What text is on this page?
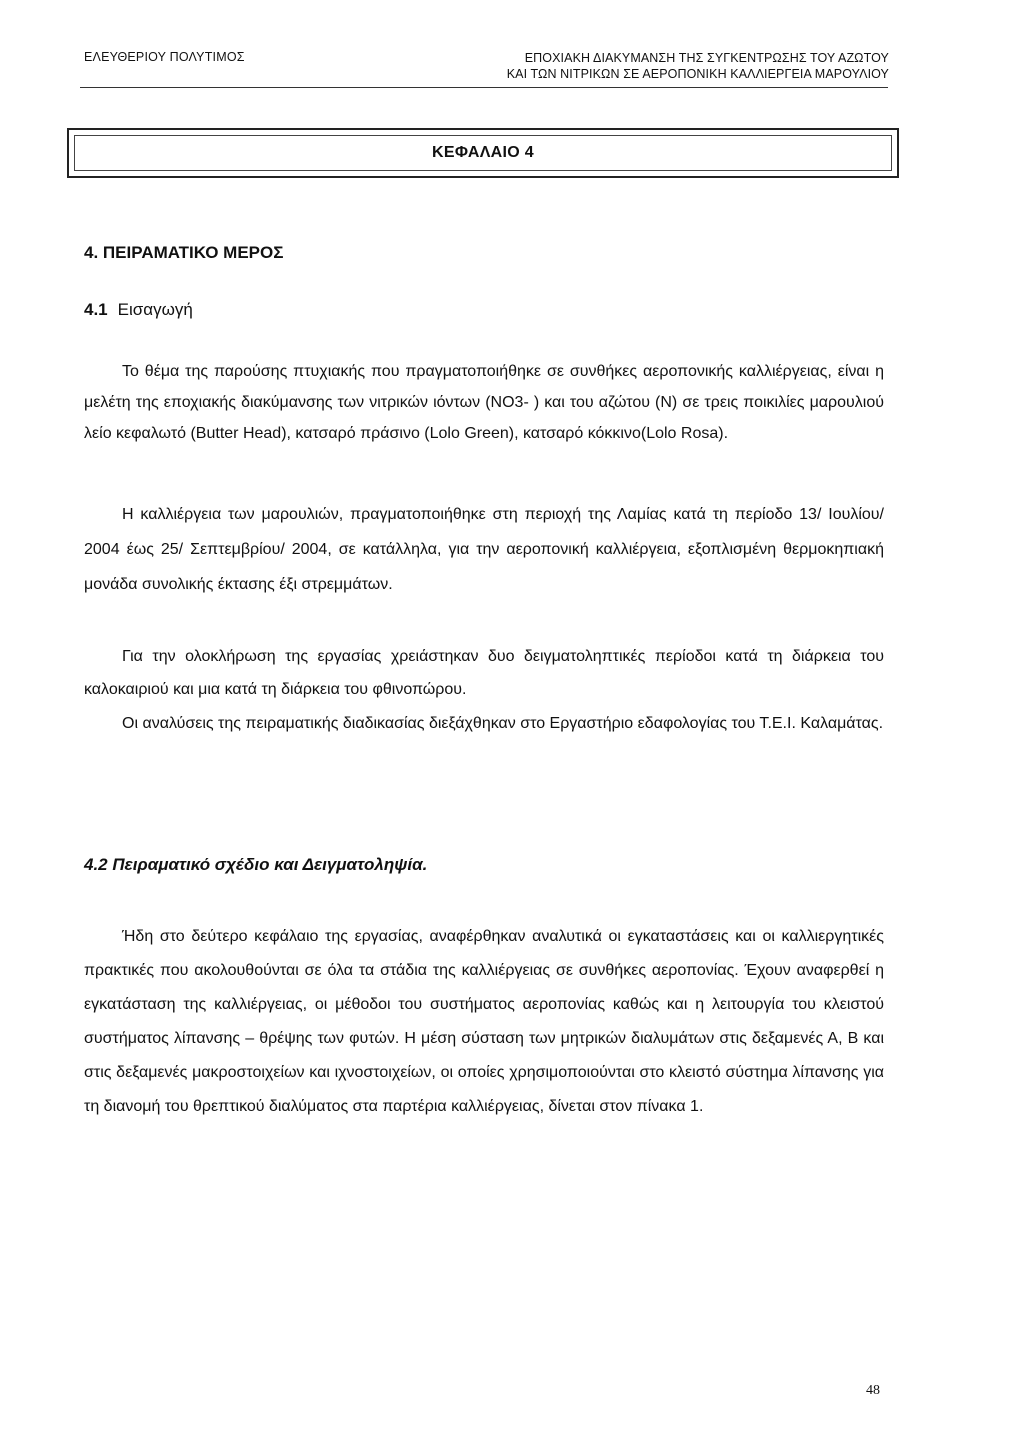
ΕΛΕΥΘΕΡΙΟΥ ΠΟΛΥΤΙΜΟΣ	ΕΠΟΧΙΑΚΗ ΔΙΑΚΥΜΑΝΣΗ ΤΗΣ ΣΥΓΚΕΝΤΡΩΣΗΣ ΤΟΥ ΑΖΩΤΟΥ
ΚΑΙ ΤΩΝ ΝΙΤΡΙΚΩΝ ΣΕ ΑΕΡΟΠΟΝΙΚΗ ΚΑΛΛΙΕΡΓΕΙΑ ΜΑΡΟΥΛΙΟΥ
ΚΕΦΑΛΑΙΟ 4
4. ΠΕΙΡΑΜΑΤΙΚΟ ΜΕΡΟΣ
4.1 Εισαγωγή

Το θέμα της παρούσης πτυχιακής που πραγματοποιήθηκε σε συνθήκες αεροπονικής καλλιέργειας, είναι η μελέτη της εποχιακής διακύμανσης των νιτρικών ιόντων (ΝΟ3- ) και του αζώτου (Ν) σε τρεις ποικιλίες μαρουλιού λείο κεφαλωτό (Butter Head), κατσαρό πράσινο (Lolo Green), κατσαρό κόκκινο(Lolo Rosa).

Η καλλιέργεια των μαρουλιών, πραγματοποιήθηκε στη περιοχή της Λαμίας κατά τη περίοδο 13/ Ιουλίου/ 2004 έως 25/ Σεπτεμβρίου/ 2004, σε κατάλληλα, για την αεροπονική καλλιέργεια, εξοπλισμένη θερμοκηπιακή μονάδα συνολικής έκτασης έξι στρεμμάτων.

Για την ολοκλήρωση της εργασίας χρειάστηκαν δυο δειγματοληπτικές περίοδοι κατά τη διάρκεια του καλοκαιριού και μια κατά τη διάρκεια του φθινοπώρου.

Οι αναλύσεις της πειραματικής διαδικασίας διεξάχθηκαν στο Εργαστήριο εδαφολογίας του Τ.Ε.Ι. Καλαμάτας.

4.2 Πειραματικό σχέδιο και Δειγματοληψία.

Ήδη στο δεύτερο κεφάλαιο της εργασίας, αναφέρθηκαν αναλυτικά οι εγκαταστάσεις και οι καλλιεργητικές πρακτικές που ακολουθούνται σε όλα τα στάδια της καλλιέργειας σε συνθήκες αεροπονίας. Έχουν αναφερθεί η εγκατάσταση της καλλιέργειας, οι μέθοδοι του συστήματος αεροπονίας καθώς και η λειτουργία του κλειστού συστήματος λίπανσης – θρέψης των φυτών. Η μέση σύσταση των μητρικών διαλυμάτων στις δεξαμενές Α, Β και στις δεξαμενές μακροστοιχείων και ιχνοστοιχείων, οι οποίες χρησιμοποιούνται στο κλειστό σύστημα λίπανσης για τη διανομή του θρεπτικού διαλύματος στα παρτέρια καλλιέργειας, δίνεται στον πίνακα 1.

48
